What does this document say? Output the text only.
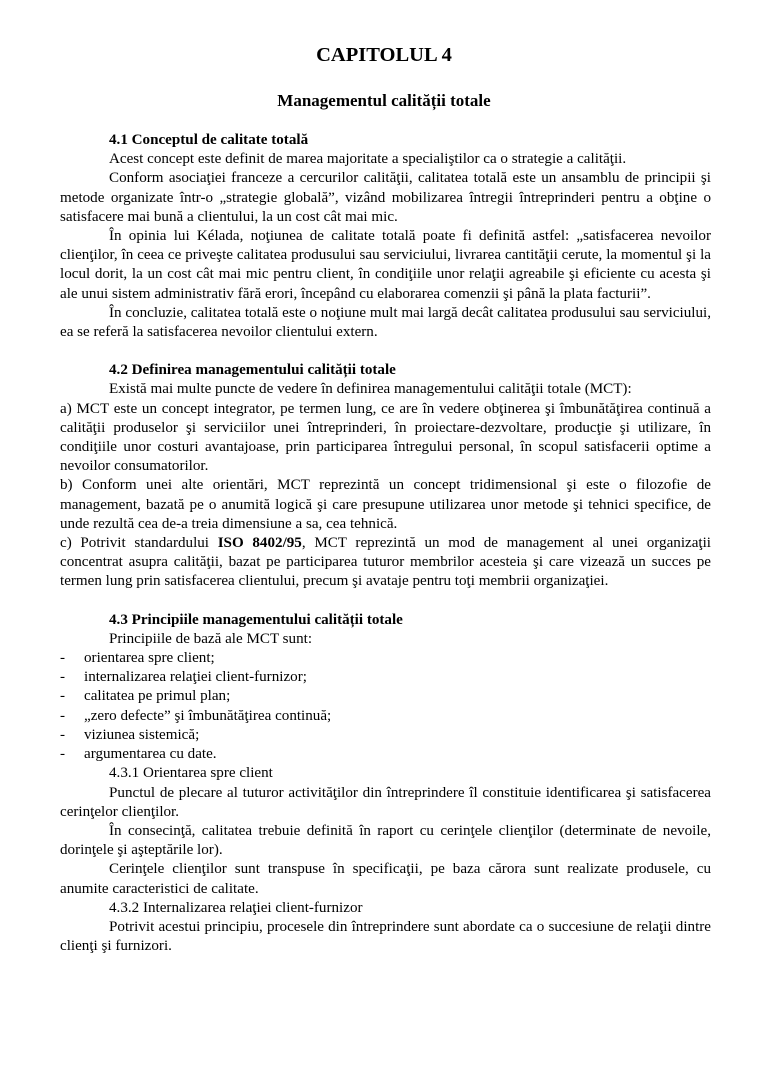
CAPITOLUL 4
Managementul calității totale

4.1 Conceptul de calitate totală

Acest concept este definit de marea majoritate a specialiştilor ca o strategie a calităţii.

Conform asociaţiei franceze a cercurilor calităţii, calitatea totală este un ansamblu de principii şi metode organizate într-o „strategie globală”, vizând mobilizarea întregii întreprinderi pentru a obţine o satisfacere mai bună a clientului, la un cost cât mai mic.

În opinia lui Kélada, noţiunea de calitate totală poate fi definită astfel: „satisfacerea nevoilor clienţilor, în ceea ce priveşte calitatea produsului sau serviciului, livrarea cantităţii cerute, la momentul şi la locul dorit, la un cost cât mai mic pentru client, în condiţiile unor relaţii agreabile şi eficiente cu acesta şi ale unui sistem administrativ fără erori, începând cu elaborarea comenzii şi până la plata facturii”.

În concluzie, calitatea totală este o noţiune mult mai largă decât calitatea produsului sau serviciului, ea se referă la satisfacerea nevoilor clientului extern.

4.2 Definirea managementului calității totale

Există mai multe puncte de vedere în definirea managementului calităţii totale (MCT):

a) MCT este un concept integrator, pe termen lung, ce are în vedere obţinerea şi îmbunătăţirea continuă a calităţii produselor şi serviciilor unei întreprinderi, în proiectare-dezvoltare, producţie şi utilizare, în condiţiile unor costuri avantajoase, prin participarea întregului personal, în scopul satisfacerii optime a nevoilor consumatorilor.

b) Conform unei alte orientări, MCT reprezintă un concept tridimensional şi este o filozofie de management, bazată pe o anumită logică şi care presupune utilizarea unor metode şi tehnici specifice, de unde rezultă cea de-a treia dimensiune a sa, cea tehnică.

c) Potrivit standardului ISO 8402/95, MCT reprezintă un mod de management al unei organizaţii concentrat asupra calităţii, bazat pe participarea tuturor membrilor acesteia şi care vizează un succes pe termen lung prin satisfacerea clientului, precum şi avataje pentru toţi membrii organizaţiei.

4.3 Principiile managementului calității totale

Principiile de bază ale MCT sunt:

- orientarea spre client;
- internalizarea relaţiei client-furnizor;
- calitatea pe primul plan;
- „zero defecte” şi îmbunătăţirea continuă;
- viziunea sistemică;
- argumentarea cu date.

4.3.1 Orientarea spre client

Punctul de plecare al tuturor activităţilor din întreprindere îl constituie identificarea şi satisfacerea cerinţelor clienţilor.

În consecinţă, calitatea trebuie definită în raport cu cerinţele clienţilor (determinate de nevoile, dorinţele şi aşteptările lor).

Cerinţele clienţilor sunt transpuse în specificaţii, pe baza cărora sunt realizate produsele, cu anumite caracteristici de calitate.

4.3.2 Internalizarea relaţiei client-furnizor

Potrivit acestui principiu, procesele din întreprindere sunt abordate ca o succesiune de relaţii dintre clienţi şi furnizori.
